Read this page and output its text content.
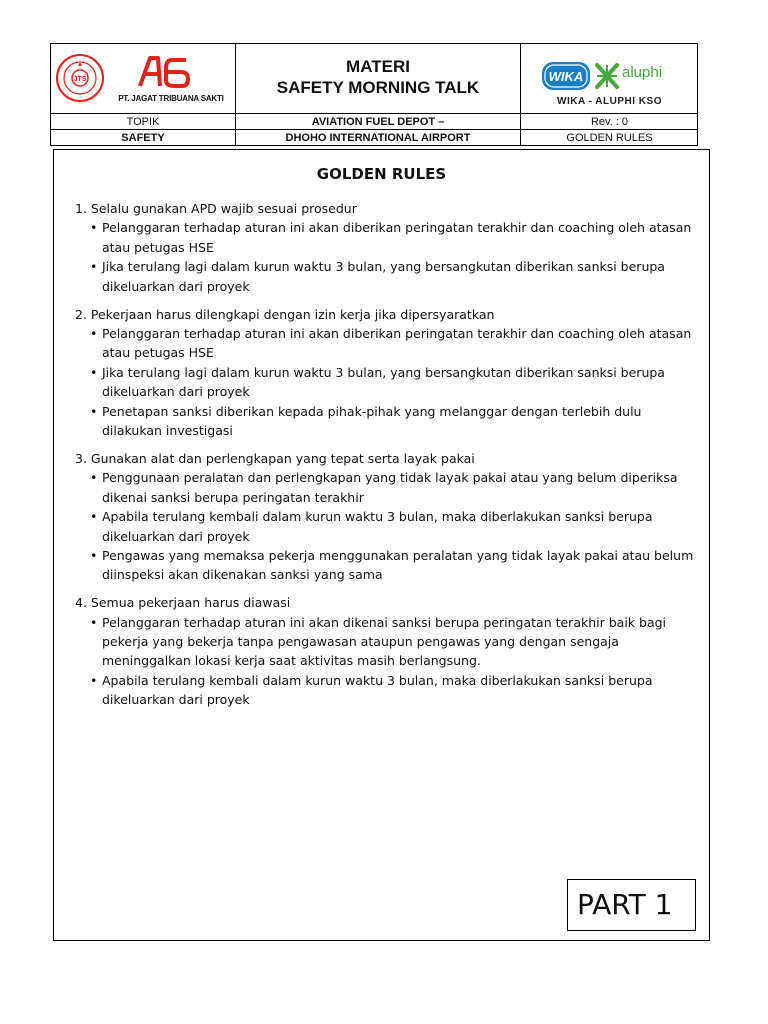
JTS
PT. JAGAT TRIBUANA SAKTI
MATERI
SAFETY MORNING TALK
WIKA	aluphi
WIKA - ALUPHI KSO
TOPIK	AVIATION FUEL DEPOT –	Rev. : 0
SAFETY	DHOHO INTERNATIONAL AIRPORT	GOLDEN RULES
GOLDEN RULES
1. Selalu gunakan APD wajib sesuai prosedur
• Pelanggaran terhadap aturan ini akan diberikan peringatan terakhir dan coaching oleh atasan atau petugas HSE
• Jika terulang lagi dalam kurun waktu 3 bulan, yang bersangkutan diberikan sanksi berupa dikeluarkan dari proyek
2. Pekerjaan harus dilengkapi dengan izin kerja jika dipersyaratkan
• Pelanggaran terhadap aturan ini akan diberikan peringatan terakhir dan coaching oleh atasan atau petugas HSE
• Jika terulang lagi dalam kurun waktu 3 bulan, yang bersangkutan diberikan sanksi berupa dikeluarkan dari proyek
• Penetapan sanksi diberikan kepada pihak-pihak yang melanggar dengan terlebih dulu dilakukan investigasi
3. Gunakan alat dan perlengkapan yang tepat serta layak pakai
• Penggunaan peralatan dan perlengkapan yang tidak layak pakai atau yang belum diperiksa dikenai sanksi berupa peringatan terakhir
• Apabila terulang kembali dalam kurun waktu 3 bulan, maka diberlakukan sanksi berupa dikeluarkan dari proyek
• Pengawas yang memaksa pekerja menggunakan peralatan yang tidak layak pakai atau belum diinspeksi akan dikenakan sanksi yang sama
4. Semua pekerjaan harus diawasi
• Pelanggaran terhadap aturan ini akan dikenai sanksi berupa peringatan terakhir baik bagi pekerja yang bekerja tanpa pengawasan ataupun pengawas yang dengan sengaja meninggalkan lokasi kerja saat aktivitas masih berlangsung.
• Apabila terulang kembali dalam kurun waktu 3 bulan, maka diberlakukan sanksi berupa dikeluarkan dari proyek
PART 1
